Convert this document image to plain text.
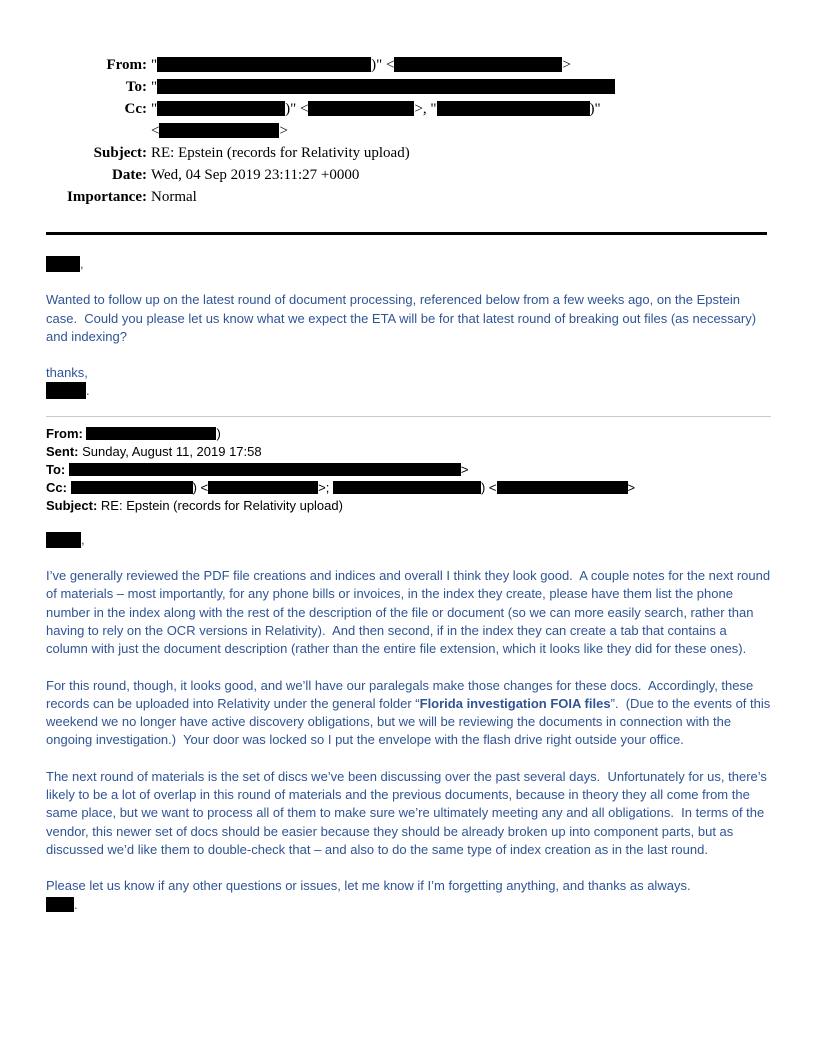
From: "	)" <	>
To: "
Cc: "	)" <	>, "	)"
<	>
Subject: RE: Epstein (records for Relativity upload)
Date: Wed, 04 Sep 2019 23:11:27 +0000
Importance: Normal
,

Wanted to follow up on the latest round of document processing, referenced below from a few weeks ago, on the Epstein case.  Could you please let us know what we expect the ETA will be for that latest round of breaking out files (as necessary) and indexing?

thanks,

.
From:	)
Sent: Sunday, August 11, 2019 17:58
To:	>
Cc:	) <	>;	) <	>
Subject: RE: Epstein (records for Relativity upload)
,

I’ve generally reviewed the PDF file creations and indices and overall I think they look good.  A couple notes for the next round of materials – most importantly, for any phone bills or invoices, in the index they create, please have them list the phone number in the index along with the rest of the description of the file or document (so we can more easily search, rather than having to rely on the OCR versions in Relativity).  And then second, if in the index they can create a tab that contains a column with just the document description (rather than the entire file extension, which it looks like they did for these ones).

For this round, though, it looks good, and we’ll have our paralegals make those changes for these docs.  Accordingly, these records can be uploaded into Relativity under the general folder “Florida investigation FOIA files”.  (Due to the events of this weekend we no longer have active discovery obligations, but we will be reviewing the documents in connection with the ongoing investigation.)  Your door was locked so I put the envelope with the flash drive right outside your office.

The next round of materials is the set of discs we’ve been discussing over the past several days.  Unfortunately for us, there’s likely to be a lot of overlap in this round of materials and the previous documents, because in theory they all come from the same place, but we want to process all of them to make sure we’re ultimately meeting any and all obligations.  In terms of the vendor, this newer set of docs should be easier because they should be already broken up into component parts, but as discussed we’d like them to double-check that – and also to do the same type of index creation as in the last round.

Please let us know if any other questions or issues, let me know if I’m forgetting anything, and thanks as always.

.
